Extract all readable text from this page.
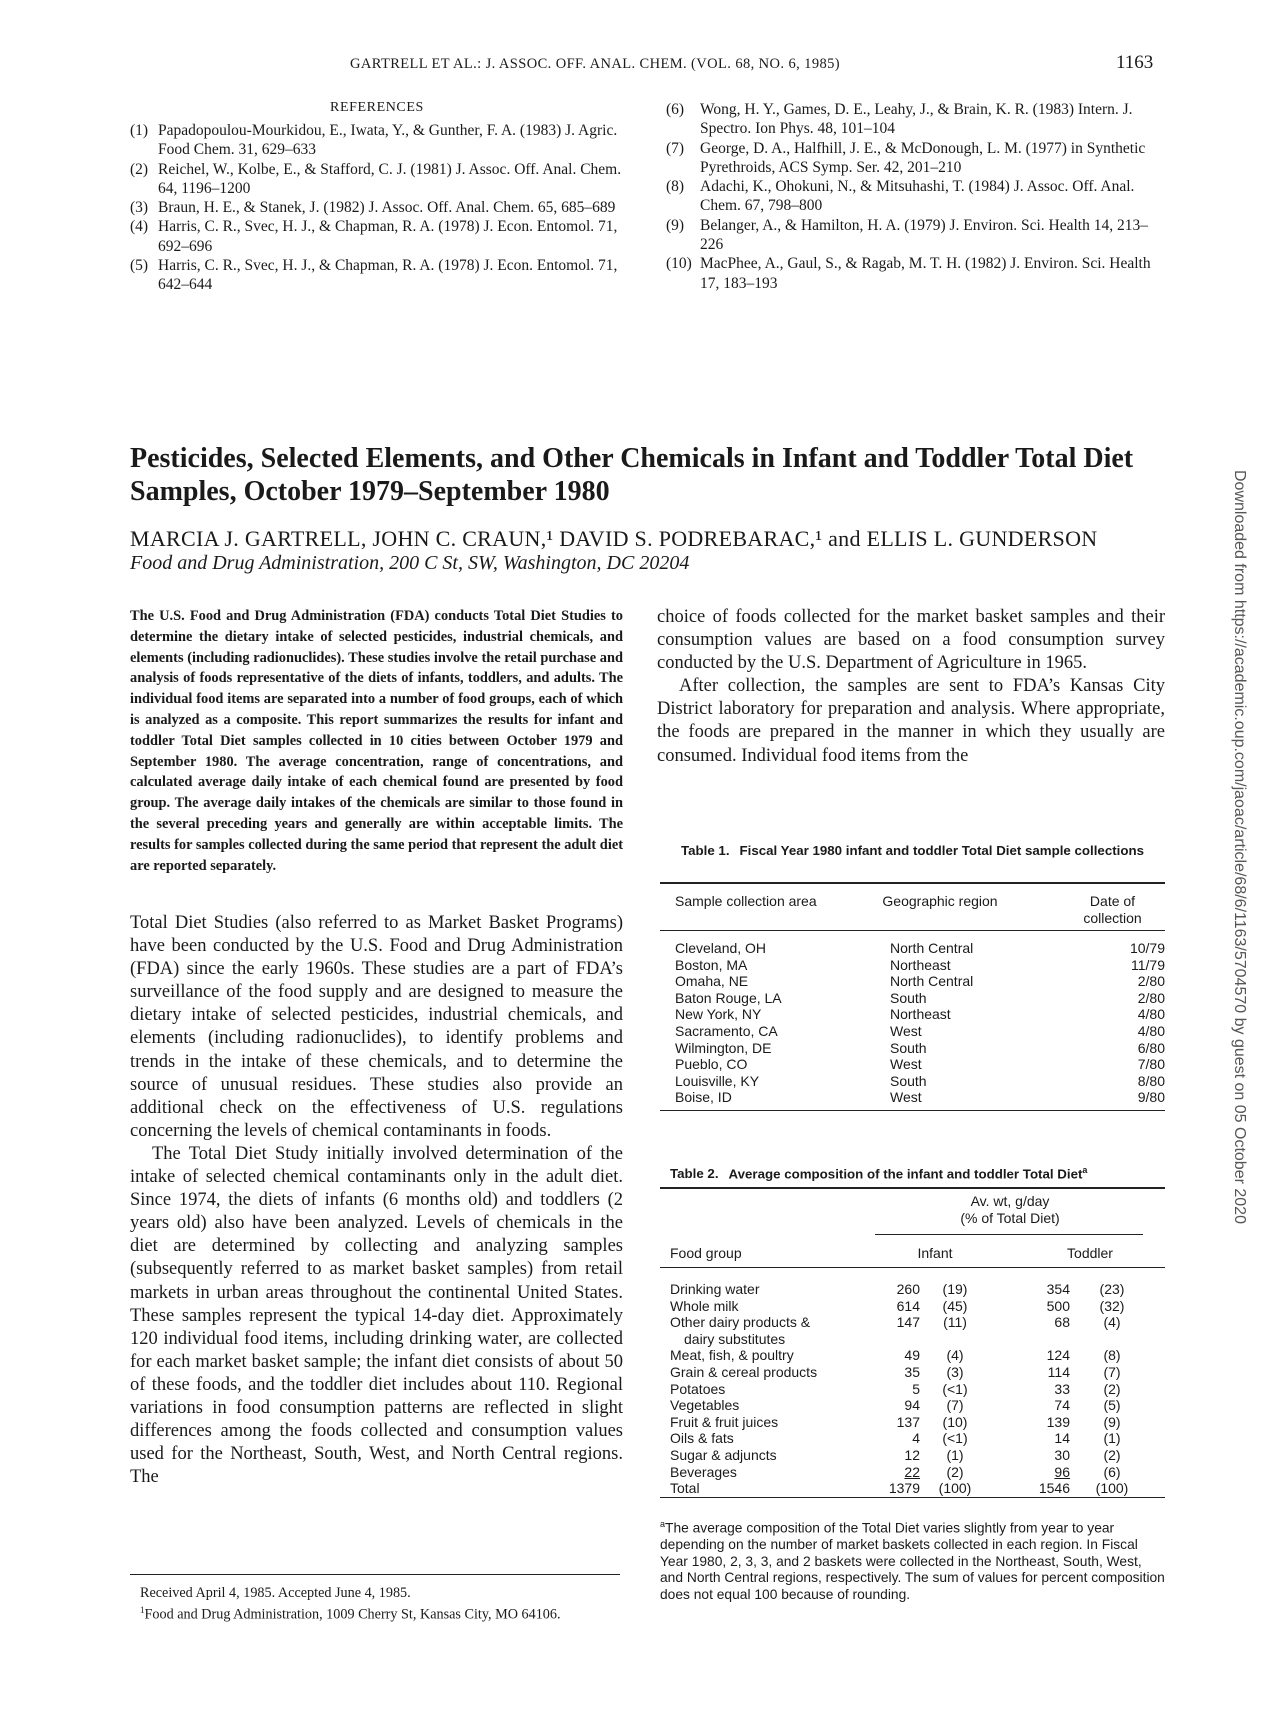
GARTRELL ET AL.: J. ASSOC. OFF. ANAL. CHEM. (VOL. 68, NO. 6, 1985)	1163
REFERENCES
(1) Papadopoulou-Mourkidou, E., Iwata, Y., & Gunther, F. A. (1983) J. Agric. Food Chem. 31, 629–633
(2) Reichel, W., Kolbe, E., & Stafford, C. J. (1981) J. Assoc. Off. Anal. Chem. 64, 1196–1200
(3) Braun, H. E., & Stanek, J. (1982) J. Assoc. Off. Anal. Chem. 65, 685–689
(4) Harris, C. R., Svec, H. J., & Chapman, R. A. (1978) J. Econ. Entomol. 71, 692–696
(5) Harris, C. R., Svec, H. J., & Chapman, R. A. (1978) J. Econ. Entomol. 71, 642–644
(6) Wong, H. Y., Games, D. E., Leahy, J., & Brain, K. R. (1983) Intern. J. Spectro. Ion Phys. 48, 101–104
(7) George, D. A., Halfhill, J. E., & McDonough, L. M. (1977) in Synthetic Pyrethroids, ACS Symp. Ser. 42, 201–210
(8) Adachi, K., Ohokuni, N., & Mitsuhashi, T. (1984) J. Assoc. Off. Anal. Chem. 67, 798–800
(9) Belanger, A., & Hamilton, H. A. (1979) J. Environ. Sci. Health 14, 213–226
(10) MacPhee, A., Gaul, S., & Ragab, M. T. H. (1982) J. Environ. Sci. Health 17, 183–193
Pesticides, Selected Elements, and Other Chemicals in Infant and Toddler Total Diet Samples, October 1979–September 1980
MARCIA J. GARTRELL, JOHN C. CRAUN,¹ DAVID S. PODREBARAC,¹ and ELLIS L. GUNDERSON
Food and Drug Administration, 200 C St, SW, Washington, DC 20204
The U.S. Food and Drug Administration (FDA) conducts Total Diet Studies to determine the dietary intake of selected pesticides, industrial chemicals, and elements (including radionuclides). These studies involve the retail purchase and analysis of foods representative of the diets of infants, toddlers, and adults. The individual food items are separated into a number of food groups, each of which is analyzed as a composite. This report summarizes the results for infant and toddler Total Diet samples collected in 10 cities between October 1979 and September 1980. The average concentration, range of concentrations, and calculated average daily intake of each chemical found are presented by food group. The average daily intakes of the chemicals are similar to those found in the several preceding years and generally are within acceptable limits. The results for samples collected during the same period that represent the adult diet are reported separately.

Total Diet Studies (also referred to as Market Basket Programs) have been conducted by the U.S. Food and Drug Administration (FDA) since the early 1960s. These studies are a part of FDA’s surveillance of the food supply and are designed to measure the dietary intake of selected pesticides, industrial chemicals, and elements (including radionuclides), to identify problems and trends in the intake of these chemicals, and to determine the source of unusual residues. These studies also provide an additional check on the effectiveness of U.S. regulations concerning the levels of chemical contaminants in foods.

The Total Diet Study initially involved determination of the intake of selected chemical contaminants only in the adult diet. Since 1974, the diets of infants (6 months old) and toddlers (2 years old) also have been analyzed. Levels of chemicals in the diet are determined by collecting and analyzing samples (subsequently referred to as market basket samples) from retail markets in urban areas throughout the continental United States. These samples represent the typical 14-day diet. Approximately 120 individual food items, including drinking water, are collected for each market basket sample; the infant diet consists of about 50 of these foods, and the toddler diet includes about 110. Regional variations in food consumption patterns are reflected in slight differences among the foods collected and consumption values used for the Northeast, South, West, and North Central regions. The

choice of foods collected for the market basket samples and their consumption values are based on a food consumption survey conducted by the U.S. Department of Agriculture in 1965.

After collection, the samples are sent to FDA’s Kansas City District laboratory for preparation and analysis. Where appropriate, the foods are prepared in the manner in which they usually are consumed. Individual food items from the

Table 1. Fiscal Year 1980 infant and toddler Total Diet sample collections
Sample collection area	Geographic region	Date of collection
Cleveland, OH	North Central	10/79
Boston, MA	Northeast	11/79
Omaha, NE	North Central	2/80
Baton Rouge, LA	South	2/80
New York, NY	Northeast	4/80
Sacramento, CA	West	4/80
Wilmington, DE	South	6/80
Pueblo, CO	West	7/80
Louisville, KY	South	8/80
Boise, ID	West	9/80
Table 2. Average composition of the infant and toddler Total Diet$^a$
Av. wt, g/day
(% of Total Diet)
Food group	Infant	Toddler
Drinking water	260	(19)	354	(23)
Whole milk	614	(45)	500	(32)
Other dairy products &
dairy substitutes
147	(11)	68	(4)
Meat, fish, & poultry	49	(4)	124	(8)
Grain & cereal products	35	(3)	114	(7)
Potatoes	5	(<1)	33	(2)
Vegetables	94	(7)	74	(5)
Fruit & fruit juices	137	(10)	139	(9)
Oils & fats	4	(<1)	14	(1)
Sugar & adjuncts	12	(1)	30	(2)
Beverages	22	(2)	96	(6)
Total	1379	(100)	1546	(100)
$^a$The average composition of the Total Diet varies slightly from year to year depending on the number of market baskets collected in each region. In Fiscal Year 1980, 2, 3, 3, and 2 baskets were collected in the Northeast, South, West, and North Central regions, respectively. The sum of values for percent composition does not equal 100 because of rounding.
Received April 4, 1985. Accepted June 4, 1985.
$^1$Food and Drug Administration, 1009 Cherry St, Kansas City, MO 64106.
Downloaded from https://academic.oup.com/jaoac/article/68/6/1163/5704570 by guest on 05 October 2020
